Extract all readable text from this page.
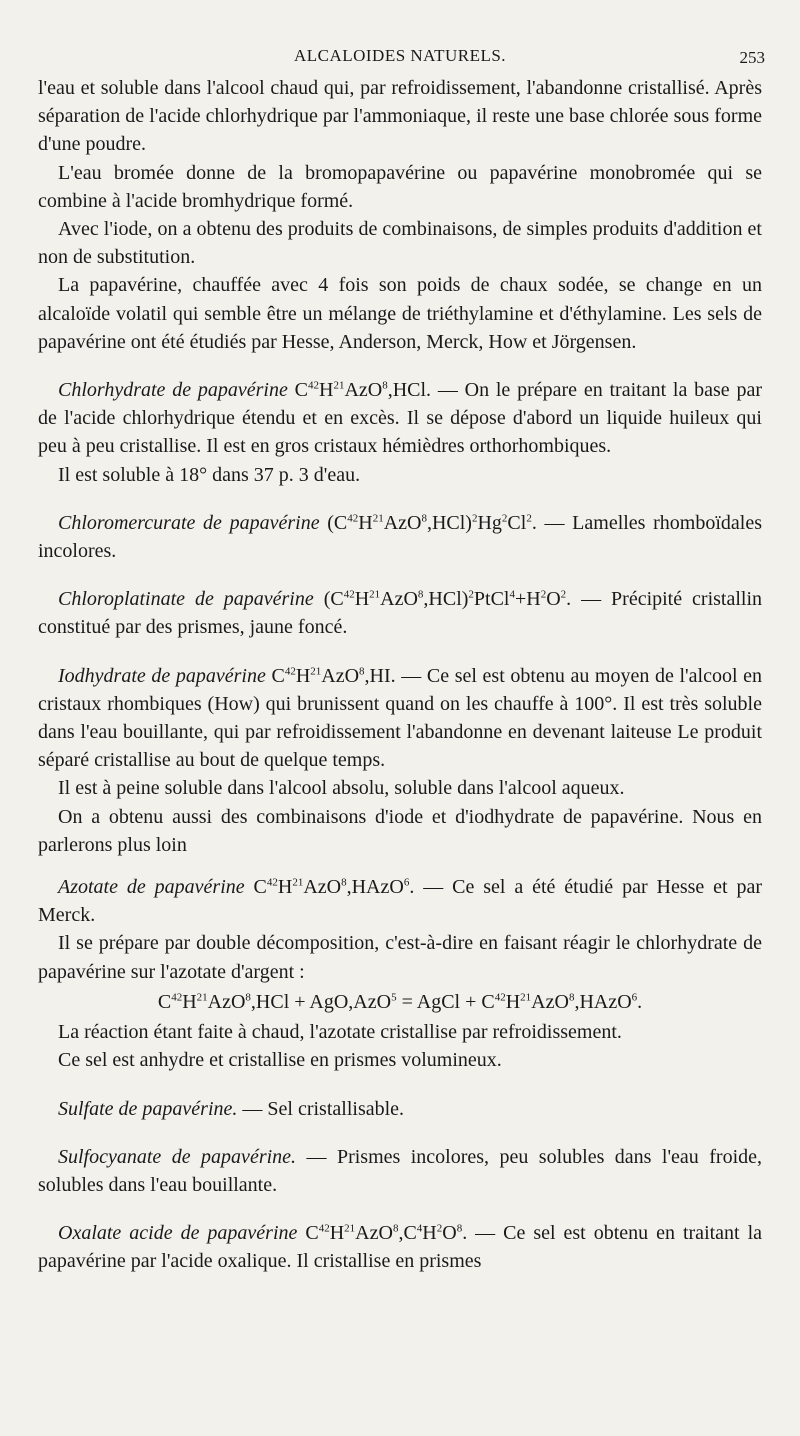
ALCALOIDES NATURELS.	253

l'eau et soluble dans l'alcool chaud qui, par refroidissement, l'abandonne cristallisé. Après séparation de l'acide chlorhydrique par l'ammoniaque, il reste une base chlorée sous forme d'une poudre.

L'eau bromée donne de la bromopapavérine ou papavérine monobromée qui se combine à l'acide bromhydrique formé.

Avec l'iode, on a obtenu des produits de combinaisons, de simples produits d'addition et non de substitution.

La papavérine, chauffée avec 4 fois son poids de chaux sodée, se change en un alcaloïde volatil qui semble être un mélange de triéthylamine et d'éthylamine. Les sels de papavérine ont été étudiés par Hesse, Anderson, Merck, How et Jörgensen.

Chlorhydrate de papavérine $C^{42}H^{21}AzO^8,HCl$. — On le prépare en traitant la base par de l'acide chlorhydrique étendu et en excès. Il se dépose d'abord un liquide huileux qui peu à peu cristallise. Il est en gros cristaux hémièdres orthorhombiques.

Il est soluble à 18° dans 37 p. 3 d'eau.

Chloromercurate de papavérine $(C^{42}H^{21}AzO^8,HCl)^2Hg^2Cl^2$. — Lamelles rhomboïdales incolores.

Chloroplatinate de papavérine $(C^{42}H^{21}AzO^8,HCl)^2PtCl^4+H^2O^2$. — Précipité cristallin constitué par des prismes, jaune foncé.

Iodhydrate de papavérine $C^{42}H^{21}AzO^8,HI$. — Ce sel est obtenu au moyen de l'alcool en cristaux rhombiques (How) qui brunissent quand on les chauffe à 100°. Il est très soluble dans l'eau bouillante, qui par refroidissement l'abandonne en devenant laiteuse Le produit séparé cristallise au bout de quelque temps.

Il est à peine soluble dans l'alcool absolu, soluble dans l'alcool aqueux.

On a obtenu aussi des combinaisons d'iode et d'iodhydrate de papavérine. Nous en parlerons plus loin

Azotate de papavérine $C^{42}H^{21}AzO^8,HAzO^6$. — Ce sel a été étudié par Hesse et par Merck.

Il se prépare par double décomposition, c'est-à-dire en faisant réagir le chlorhydrate de papavérine sur l'azotate d'argent :

$C^{42}H^{21}AzO^8,HCl + AgO,AzO^5$ = AgCl + $C^{42}H^{21}AzO^8,HAzO^6$.

La réaction étant faite à chaud, l'azotate cristallise par refroidissement.

Ce sel est anhydre et cristallise en prismes volumineux.

Sulfate de papavérine. — Sel cristallisable.

Sulfocyanate de papavérine. — Prismes incolores, peu solubles dans l'eau froide, solubles dans l'eau bouillante.

Oxalate acide de papavérine $C^{42}H^{21}AzO^8,C^4H^2O^8$. — Ce sel est obtenu en traitant la papavérine par l'acide oxalique. Il cristallise en prismes
